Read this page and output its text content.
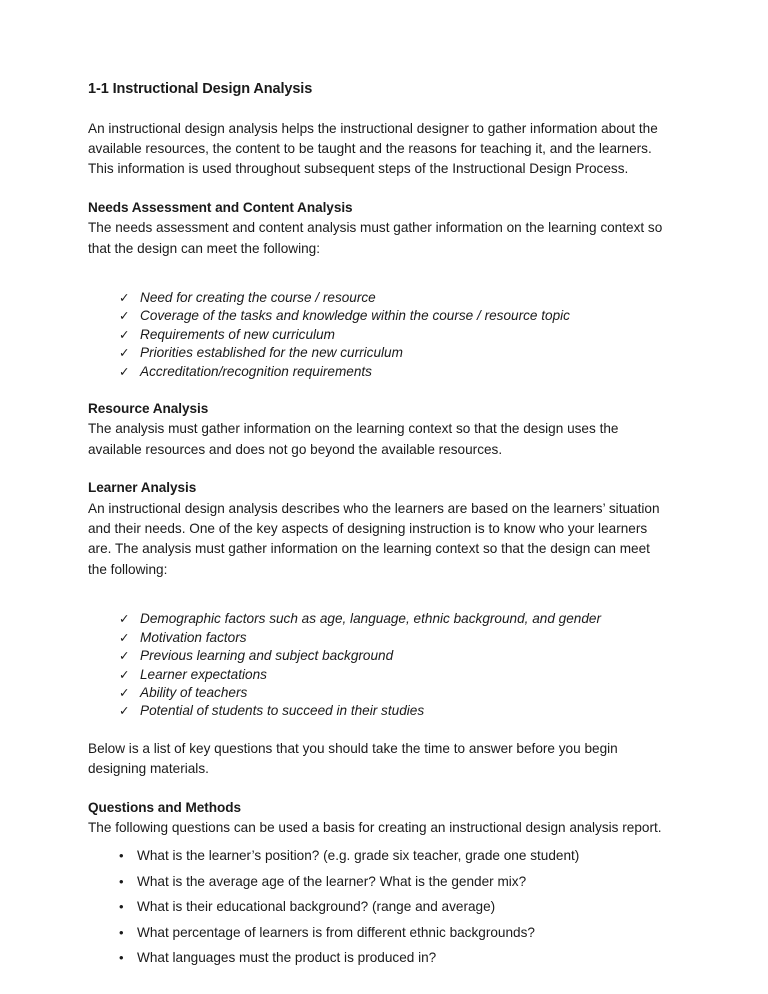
1-1 Instructional Design Analysis

An instructional design analysis helps the instructional designer to gather information about the available resources, the content to be taught and the reasons for teaching it, and the learners. This information is used throughout subsequent steps of the Instructional Design Process.

Needs Assessment and Content Analysis

The needs assessment and content analysis must gather information on the learning context so that the design can meet the following:

✓ Need for creating the course / resource
✓ Coverage of the tasks and knowledge within the course / resource topic
✓ Requirements of new curriculum
✓ Priorities established for the new curriculum
✓ Accreditation/recognition requirements
Resource Analysis

The analysis must gather information on the learning context so that the design uses the available resources and does not go beyond the available resources.

Learner Analysis

An instructional design analysis describes who the learners are based on the learners’ situation and their needs. One of the key aspects of designing instruction is to know who your learners are. The analysis must gather information on the learning context so that the design can meet the following:

✓ Demographic factors such as age, language, ethnic background, and gender
✓ Motivation factors
✓ Previous learning and subject background
✓ Learner expectations
✓ Ability of teachers
✓ Potential of students to succeed in their studies

Below is a list of key questions that you should take the time to answer before you begin designing materials.

Questions and Methods

The following questions can be used a basis for creating an instructional design analysis report.

• What is the learner’s position? (e.g. grade six teacher, grade one student)
• What is the average age of the learner? What is the gender mix?
• What is their educational background? (range and average)
• What percentage of learners is from different ethnic backgrounds?
• What languages must the product is produced in?
